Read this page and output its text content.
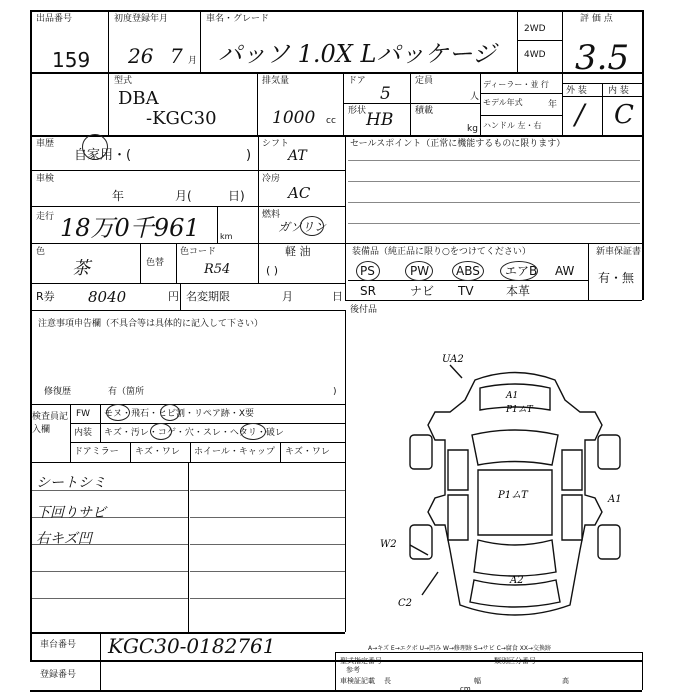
出品番号
159
初度登録年月
26 7 月
車名・グレード
パッソ 1.0X Lパッケージ
2WD
4WD
評 価 点
3.5
型式
DBA
-KGC30
排気量
1000 cc
ドア
5
形状 HB
定員
人
積載
kg
ディーラー・並 行
モデル年式	年
ハンドル 左・右
外 装 内 装
/ C
車歴
自家用・(	)
シフト
AT
セールスポイント（正常に機能するものに限ります）
車検
年	月(	日)
冷房
AC
走行 18万0千961	km
燃料
ガソリン
軽 油
( )
色
茶	色替
色コード
R54
装備品（純正品に限り○をつけてください）	新車保証書
有・無
PS	PW ABS エアB AW
SR	ナビ TV	本革
R券 8040	円 名変期限	月	日
後付品
注意事項申告欄（不具合等は具体的に記入して下さい）
修復歴	有（箇所	)
検査員記入欄
FW モヌ・飛石・ヒビ割・リペア跡・X要
内装 キズ・汚レ・コゲ・穴・スレ・ヘタリ・破レ
ドアミラー キズ・ワレ ホイール・キャップ キズ・ワレ
シートシミ
下回りサビ
右キズ凹
UA2
A1
P1ムT
A1
P1ムT
W2
A2
C2
A→キズ E→エクボ U→凹み W→修理跡 S→サビ C→腐食 XX→交換跡
車台番号 KGC30-0182761
登録番号
型式指定番号	類別区分番号
参考
車検証記載 長	幅	高
cm
